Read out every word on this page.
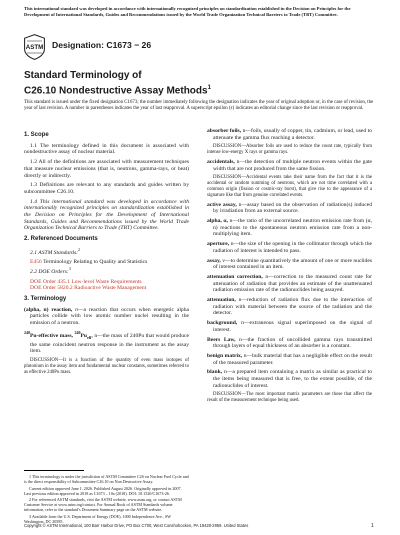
This international standard was developed in accordance with internationally recognized principles on standardization established in the Decision on Principles for the Development of International Standards, Guides and Recommendations issued by the World Trade Organization Technical Barriers to Trade (TBT) Committee.
ASTM Designation: C1673 − 26
Standard Terminology of
C26.10 Nondestructive Assay Methods$^1$
This standard is issued under the fixed designation C1673; the number immediately following the designation indicates the year of original adoption or, in the case of revision, the year of last revision. A number in parentheses indicates the year of last reapproval. A superscript epsilon (ε) indicates an editorial change since the last revision or reapproval.
1. Scope

1.1 The terminology defined in this document is associated with nondestructive assay of nuclear material.

1.2 All of the definitions are associated with measurement techniques that measure nuclear emissions (that is, neutrons, gamma-rays, or heat) directly or indirectly.

1.3 Definitions are relevant to any standards and guides written by subcommittee C26.10.

1.4 This international standard was developed in accordance with internationally recognized principles on standardization established in the Decision on Principles for the Development of International Standards, Guides and Recommendations issued by the World Trade Organization Technical Barriers to Trade (TBT) Committee.

2. Referenced Documents

2.1 ASTM Standards:$^2$

E456 Terminology Relating to Quality and Statistics

2.2 DOE Orders:$^3$

DOE Order 435.1 Low-level Waste Requirements

DOE Order 5820.2 Radioactive Waste Management

3. Terminology

(alpha, n) reaction, n—a reaction that occurs when energetic alpha particles collide with low atomic number nuclei resulting in the emission of a neutron.

$^{240}$Pu-effective mass, $^{240}Pu_{eff}$, n—the mass of 240Pu that would produce the same coincident neutron response in the instrument as the assay item.

DISCUSSION—It is a function of the quantity of even mass isotopes of plutonium in the assay item and fundamental nuclear constants, sometimes referred to as effective 240Pu mass.

absorber foils, n—foils, usually of copper, tin, cadmium, or lead, used to attenuate the gamma flux reaching a detector.

DISCUSSION—Absorber foils are used to reduce the count rate, typically from intense low-energy X rays or gamma rays.

accidentals, n—the detection of multiple neutron events within the gate width that are not produced from the same fission.

DISCUSSION—Accidental events take their name from the fact that it is the accidental or random summing of neutrons, which are not time correlated with a common origin (fission or cosmic-ray burst), that give rise to the appearance of a signature like that from genuine correlated events.

active assay, n—assay based on the observation of radiation(s) induced by irradiation from an external source.

alpha, α, n—the ratio of the uncorrelated neutron emission rate from (α, n) reactions to the spontaneous neutron emission rate from a non-multiplying item.

aperture, n—the size of the opening in the collimator through which the radiation of interest is intended to pass.

assay, v—to determine quantitatively the amount of one or more nuclides of interest contained in an item.

attenuation correction, n—correction to the measured count rate for attenuation of radiation that provides an estimate of the unattenuated radiation emission rate of the radionuclides being assayed.

attenuation, n—reduction of radiation flux due to the interaction of radiation with material between the source of the radiation and the detector.

background, n—extraneous signal superimposed on the signal of interest.

Beers Law, n—the fraction of uncollided gamma rays transmitted through layers of equal thickness of an absorber is a constant.

benign matrix, n—bulk material that has a negligible effect on the result of the measured parameter.

blank, n—a prepared item containing a matrix as similar as practical to the items being measured that is free, to the extent possible, of the radionuclides of interest.

DISCUSSION—The most important matrix parameters are those that affect the result of the measurement technique being used.

1 This terminology is under the jurisdiction of ASTM Committee C26 on Nuclear Fuel Cycle and is the direct responsibility of Subcommittee C26.10 on Non Destructive Assay.

Current edition approved June 1, 2026. Published August 2026. Originally approved in 2007. Last previous edition approved in 2018 as C1673 – 10a (2018). DOI: 10.1520/C1673-26.

2 For referenced ASTM standards, visit the ASTM website, www.astm.org, or contact ASTM Customer Service at www.astm.org/contact. For Annual Book of ASTM Standards volume information, refer to the standard's Document Summary page on the ASTM website.

3 Available from the U.S. Department of Energy (DOE), 1000 Independence Ave., SW Washington, DC 20585.

Copyright © ASTM International, 100 Barr Harbor Drive, PO Box C700, West Conshohocken, PA 19428-2959. United States	1
